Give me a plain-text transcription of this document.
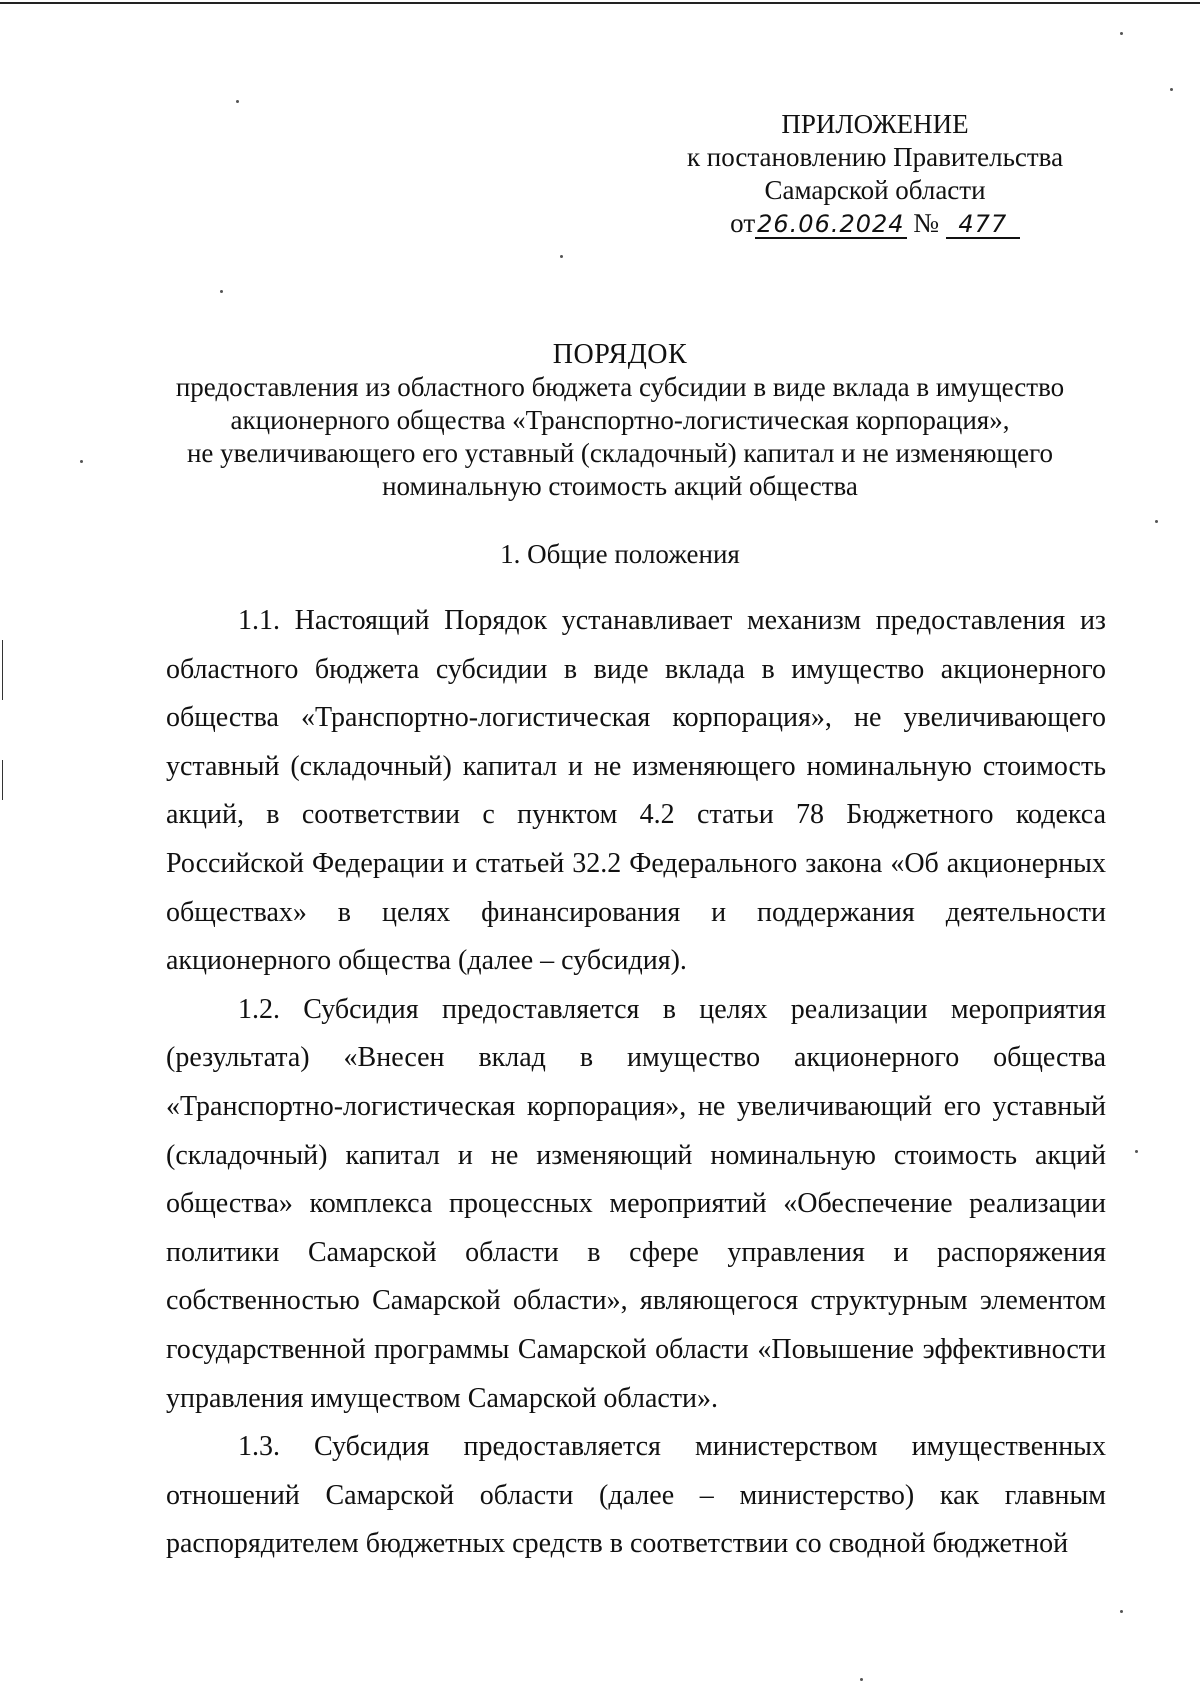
ПРИЛОЖЕНИЕ
к постановлению Правительства
Самарской области
от26.06.2024 № 477
ПОРЯДОК
предоставления из областного бюджета субсидии в виде вклада в имущество
акционерного общества «Транспортно-логистическая корпорация»,
не увеличивающего его уставный (складочный) капитал и не изменяющего
номинальную стоимость акций общества
1. Общие положения

1.1. Настоящий Порядок устанавливает механизм предоставления из областного бюджета субсидии в виде вклада в имущество акционерного общества «Транспортно-логистическая корпорация», не увеличивающего уставный (складочный) капитал и не изменяющего номинальную стоимость акций, в соответствии с пунктом 4.2 статьи 78 Бюджетного кодекса Российской Федерации и статьей 32.2 Федерального закона «Об акционерных обществах» в целях финансирования и поддержания деятельности акционерного общества (далее – субсидия).

1.2. Субсидия предоставляется в целях реализации мероприятия (результата) «Внесен вклад в имущество акционерного общества «Транспортно-логистическая корпорация», не увеличивающий его уставный (складочный) капитал и не изменяющий номинальную стоимость акций общества» комплекса процессных мероприятий «Обеспечение реализации политики Самарской области в сфере управления и распоряжения собственностью Самарской области», являющегося структурным элементом государственной программы Самарской области «Повышение эффективности управления имуществом Самарской области».

1.3. Субсидия предоставляется министерством имущественных отношений Самарской области (далее – министерство) как главным распорядителем бюджетных средств в соответствии со сводной бюджетной
